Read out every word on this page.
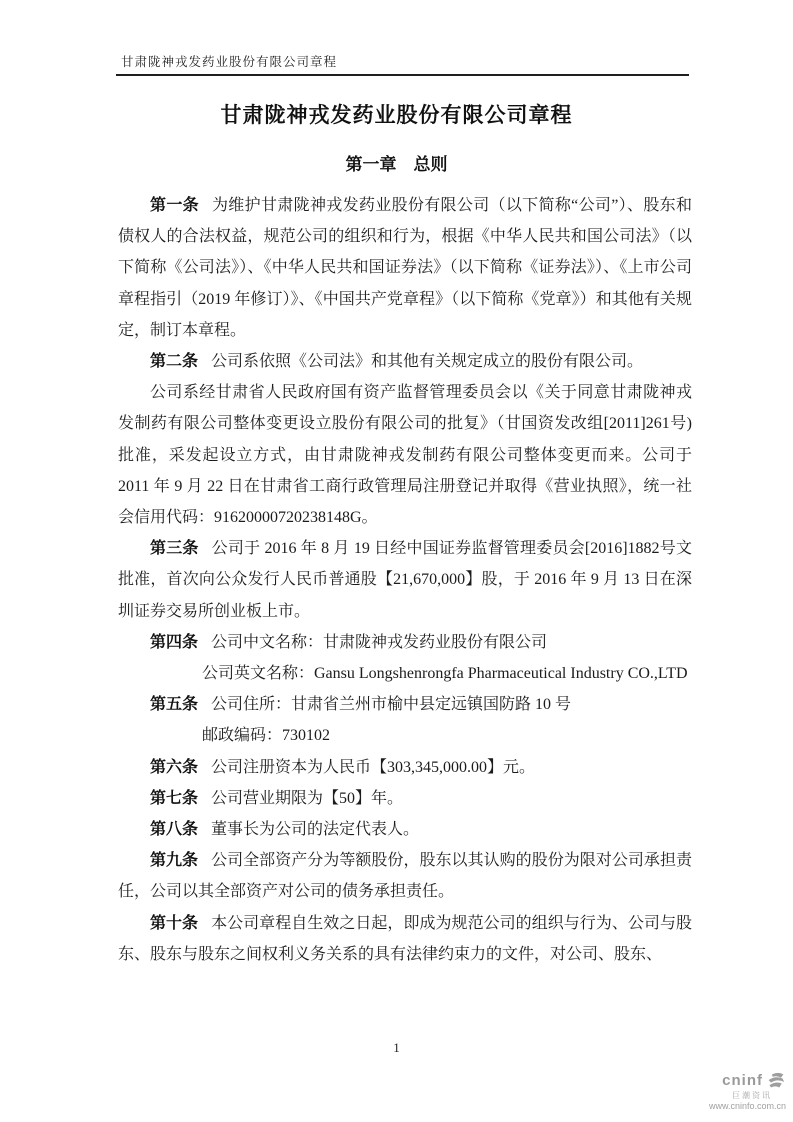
甘肃陇神戎发药业股份有限公司章程
甘肃陇神戎发药业股份有限公司章程
第一章　总则

第一条 为维护甘肃陇神戎发药业股份有限公司（以下简称“公司”）、股东和债权人的合法权益，规范公司的组织和行为，根据《中华人民共和国公司法》（以下简称《公司法》）、《中华人民共和国证券法》（以下简称《证券法》）、《上市公司章程指引（2019 年修订）》、《中国共产党章程》（以下简称《党章》）和其他有关规定，制订本章程。

第二条 公司系依照《公司法》和其他有关规定成立的股份有限公司。

公司系经甘肃省人民政府国有资产监督管理委员会以《关于同意甘肃陇神戎发制药有限公司整体变更设立股份有限公司的批复》（甘国资发改组[2011]261号)批准，采发起设立方式，由甘肃陇神戎发制药有限公司整体变更而来。公司于 2011 年 9 月 22 日在甘肃省工商行政管理局注册登记并取得《营业执照》，统一社会信用代码：91620000720238148G。

第三条 公司于 2016 年 8 月 19 日经中国证券监督管理委员会[2016]1882号文批准，首次向公众发行人民币普通股【21,670,000】股，于 2016 年 9 月 13 日在深圳证券交易所创业板上市。

第四条 公司中文名称：甘肃陇神戎发药业股份有限公司

公司英文名称：Gansu Longshenrongfa Pharmaceutical Industry CO.,LTD

第五条 公司住所：甘肃省兰州市榆中县定远镇国防路 10 号

邮政编码：730102

第六条 公司注册资本为人民币【303,345,000.00】元。

第七条 公司营业期限为【50】年。

第八条 董事长为公司的法定代表人。

第九条 公司全部资产分为等额股份，股东以其认购的股份为限对公司承担责任，公司以其全部资产对公司的债务承担责任。

第十条 本公司章程自生效之日起，即成为规范公司的组织与行为、公司与股东、股东与股东之间权利义务关系的具有法律约束力的文件，对公司、股东、

1
cninf
巨潮资讯
www.cninfo.com.cn
